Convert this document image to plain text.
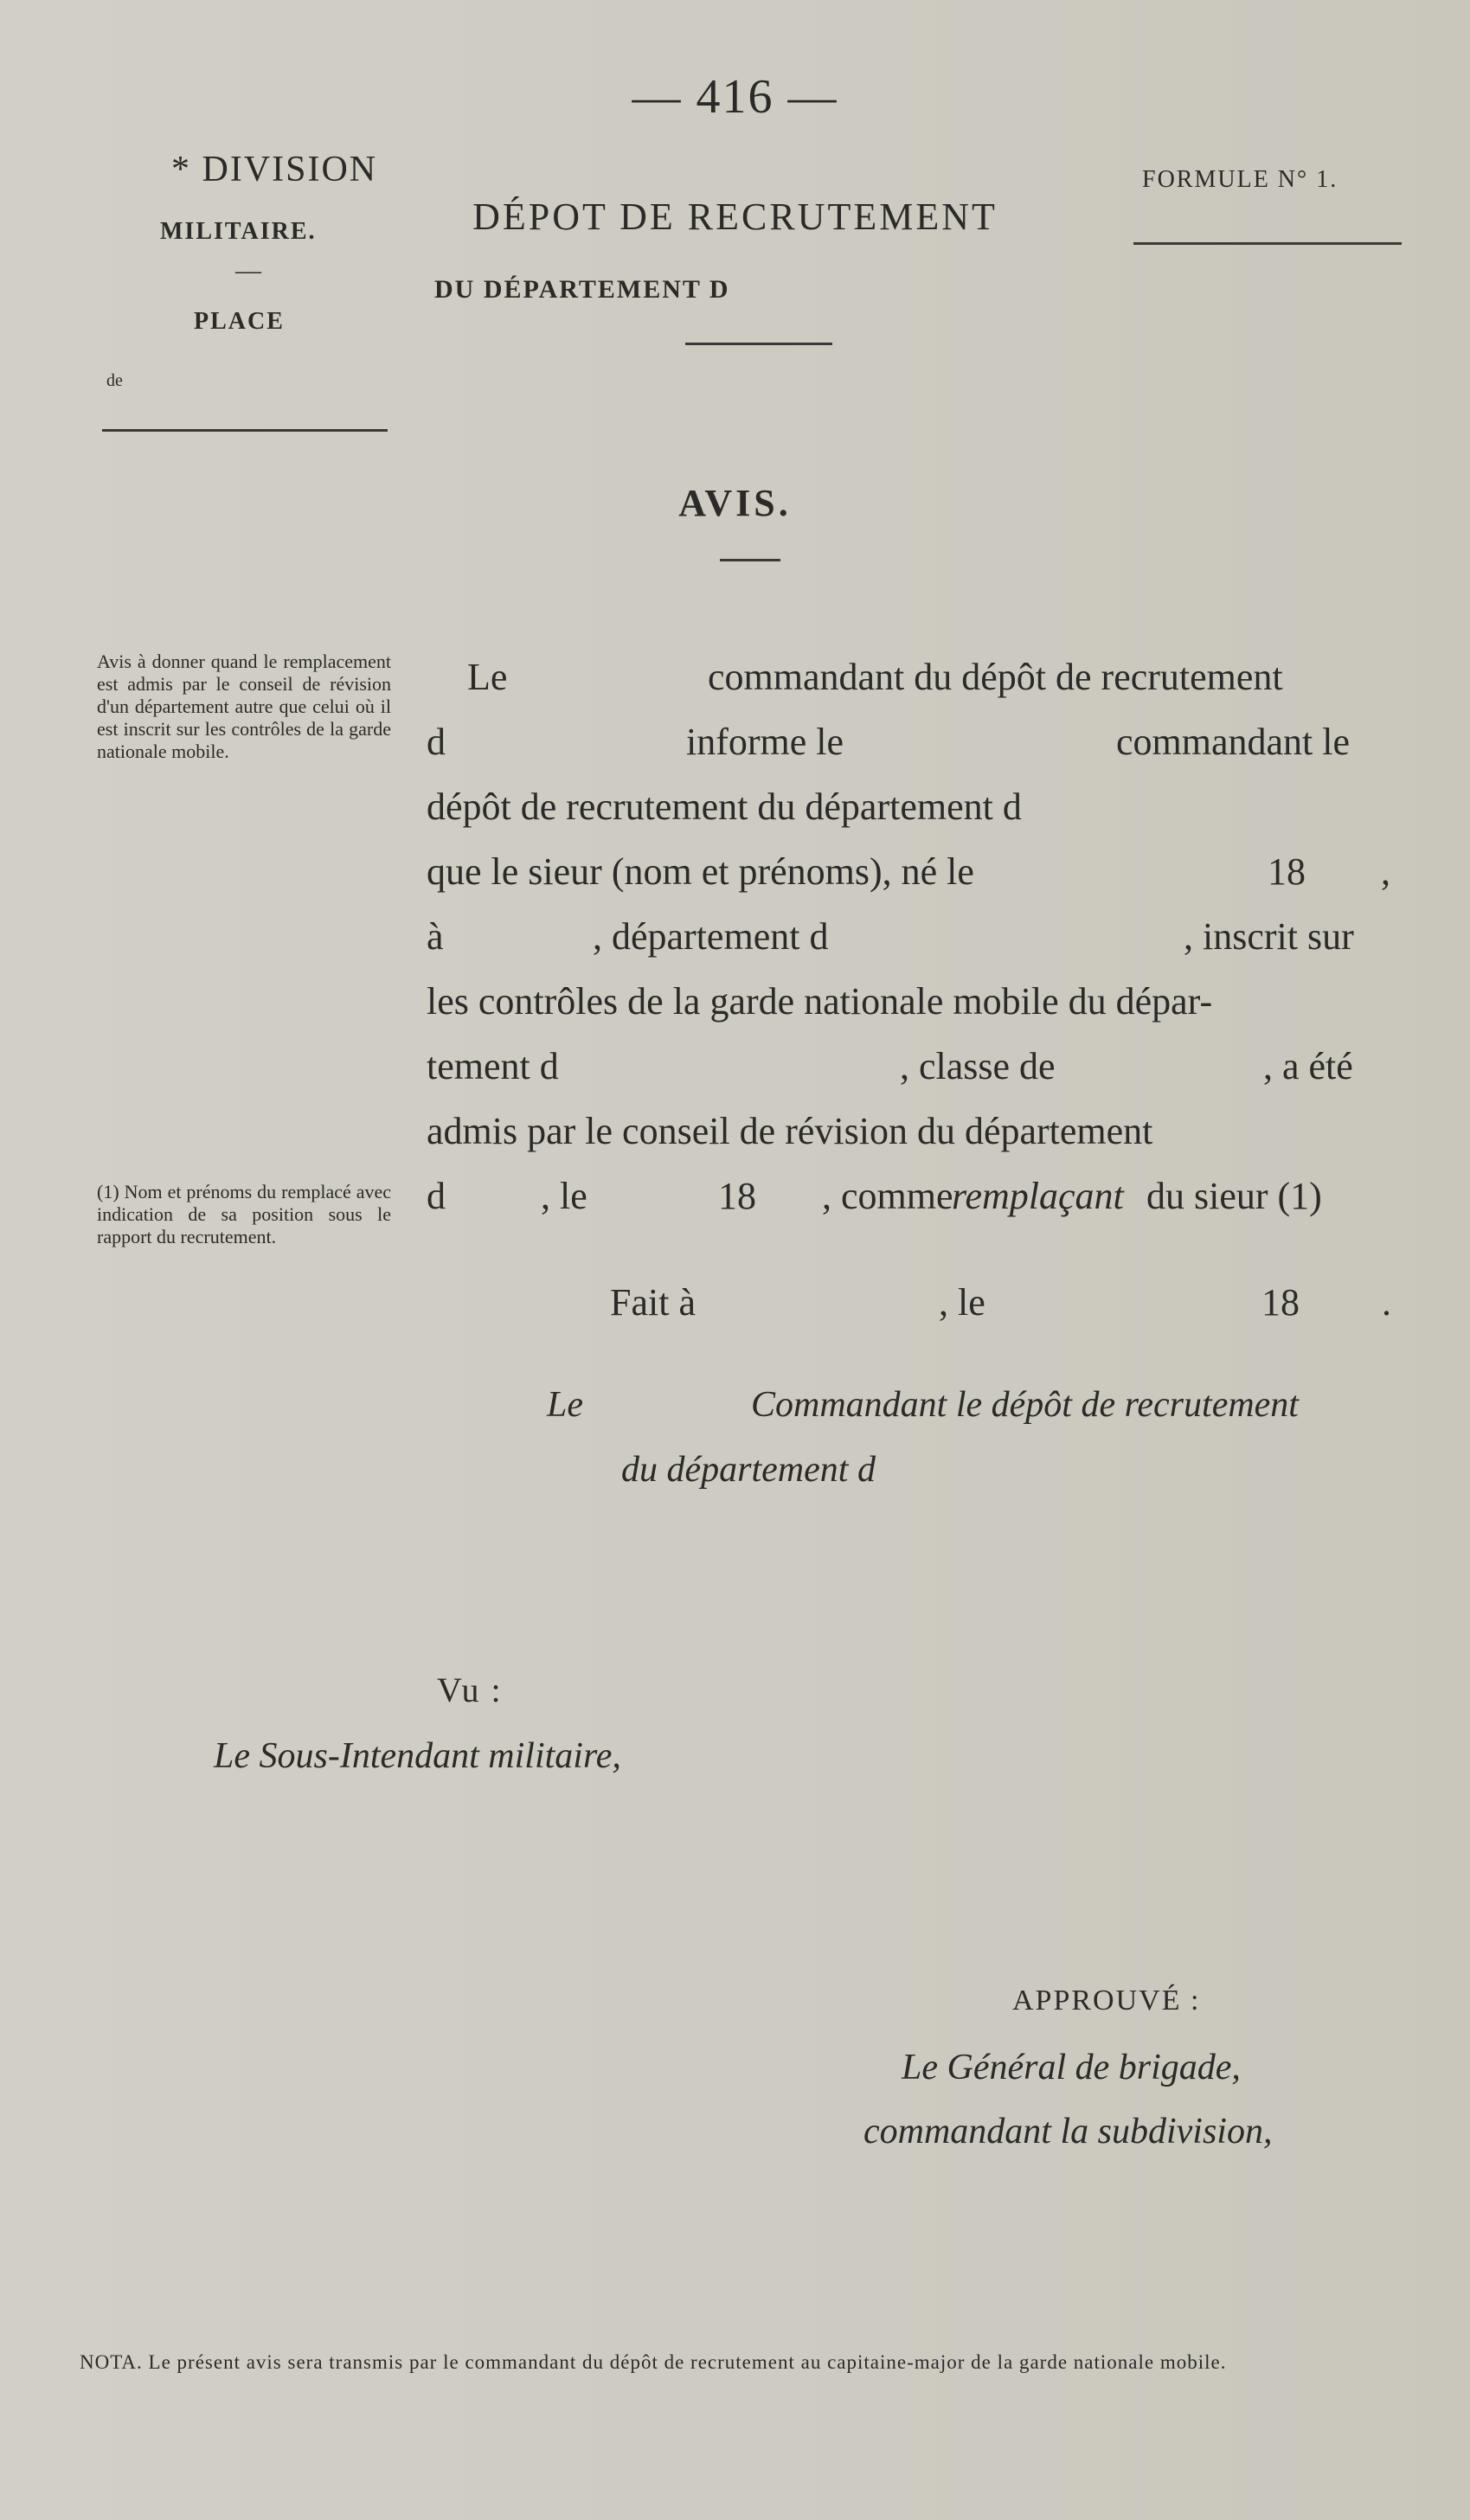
— 416 —
* DIVISION
MILITAIRE.
—
PLACE
de
DÉPOT DE RECRUTEMENT
DU DÉPARTEMENT D
FORMULE N° 1.
AVIS.
Avis à donner quand le remplacement est admis par le conseil de révision d'un département autre que celui où il est inscrit sur les contrôles de la garde nationale mobile.
(1) Nom et prénoms du remplacé avec indication de sa position sous le rapport du recrutement.
Le	commandant du dépôt de recrutement
d	informe le	commandant le
dépôt de recrutement du département d
que le sieur (nom et prénoms), né le	18 ,
à	, département d	, inscrit sur
les contrôles de la garde nationale mobile du dépar-
tement d	, classe de	, a été
admis par le conseil de révision du département
d	, le	18 , comme
remplaçant du sieur (1)
Fait à	, le	18 .
Le	Commandant le dépôt de recrutement
du département d
Vu :
Le Sous-Intendant militaire,
APPROUVÉ :
Le Général de brigade,
commandant la subdivision,
NOTA. Le présent avis sera transmis par le commandant du dépôt de recrutement au capitaine-major de la garde nationale mobile.
